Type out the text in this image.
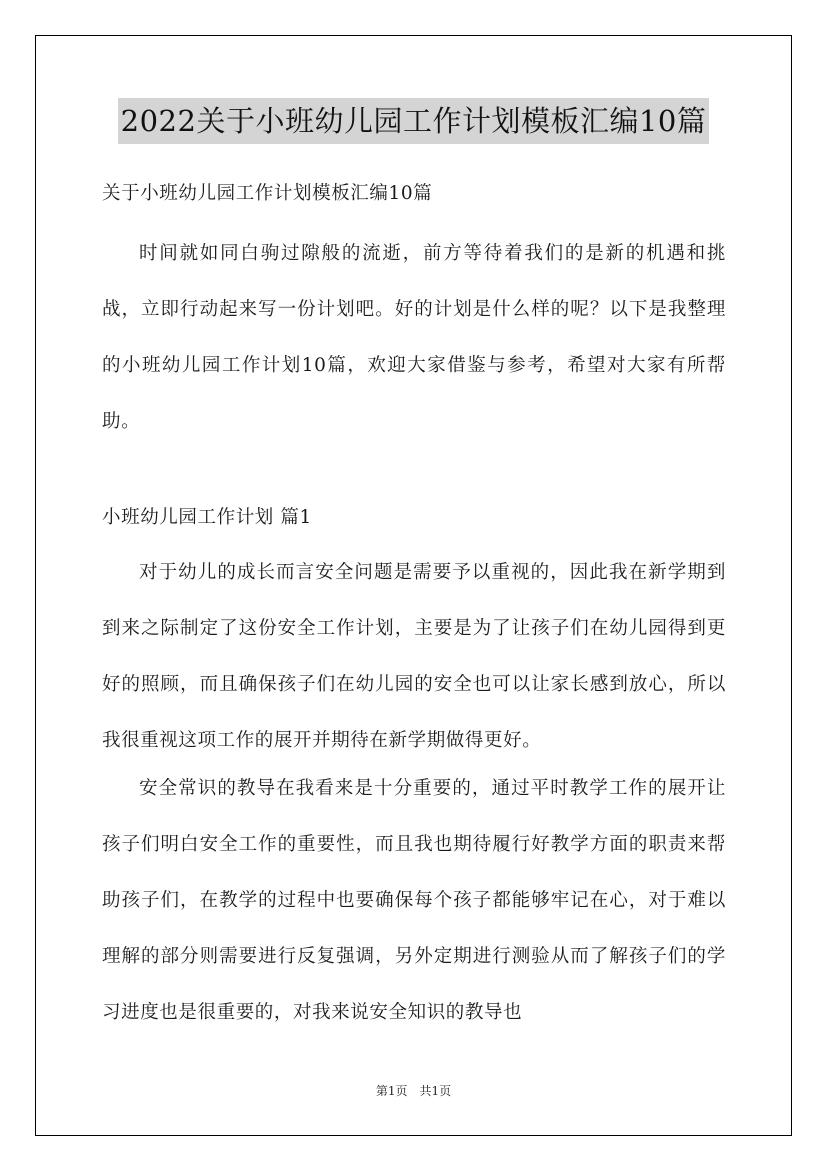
2022关于小班幼儿园工作计划模板汇编10篇
关于小班幼儿园工作计划模板汇编10篇

时间就如同白驹过隙般的流逝，前方等待着我们的是新的机遇和挑战，立即行动起来写一份计划吧。好的计划是什么样的呢？以下是我整理的小班幼儿园工作计划10篇，欢迎大家借鉴与参考，希望对大家有所帮助。

小班幼儿园工作计划 篇1

对于幼儿的成长而言安全问题是需要予以重视的，因此我在新学期到到来之际制定了这份安全工作计划，主要是为了让孩子们在幼儿园得到更好的照顾，而且确保孩子们在幼儿园的安全也可以让家长感到放心，所以我很重视这项工作的展开并期待在新学期做得更好。

安全常识的教导在我看来是十分重要的，通过平时教学工作的展开让孩子们明白安全工作的重要性，而且我也期待履行好教学方面的职责来帮助孩子们，在教学的过程中也要确保每个孩子都能够牢记在心，对于难以理解的部分则需要进行反复强调，另外定期进行测验从而了解孩子们的学习进度也是很重要的，对我来说安全知识的教导也

第1页 共1页
